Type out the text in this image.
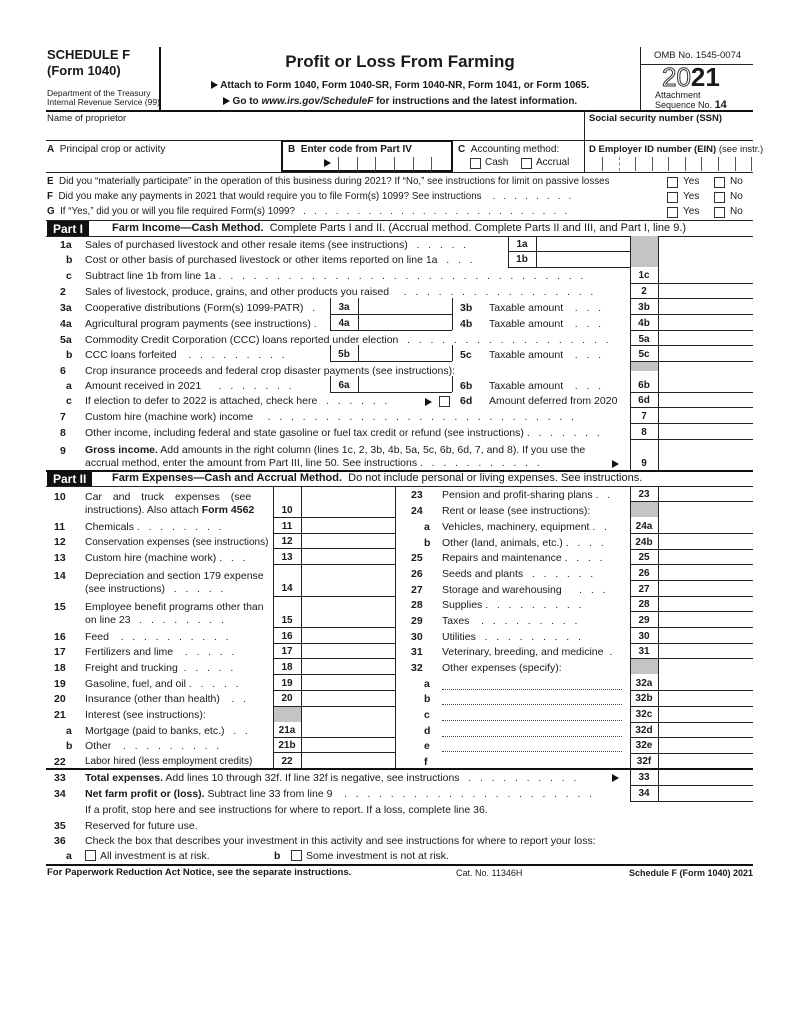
SCHEDULE F
(Form 1040)
Department of the Treasury
Internal Revenue Service (99)
Profit or Loss From Farming
Attach to Form 1040, Form 1040-SR, Form 1040-NR, Form 1041, or Form 1065.
Go to www.irs.gov/ScheduleF for instructions and the latest information.
OMB No. 1545-0074
2021
Attachment
Sequence No. 14
Name of proprietor	Social security number (SSN)
A Principal crop or activity	B Enter code from Part IV	C Accounting method:
Cash	Accrual
D Employer ID number (EIN) (see instr.)
E Did you “materially participate” in the operation of this business during 2021? If “No,” see instructions for limit on passive losses	Yes	No
F Did you make any payments in 2021 that would require you to file Form(s) 1099? See instructions    .   .   .   .   .   .   .   .	Yes	No
G If “Yes,” did you or will you file required Form(s) 1099?   .   .   .   .   .   .   .   .   .   .   .   .   .   .   .   .   .   .   .   .   .   .   .   .   .	Yes	No
Part I	Farm Income—Cash Method. Complete Parts I and II. (Accrual method. Complete Parts II and III, and Part I, line 9.)
1a Sales of purchased livestock and other resale items (see instructions)   .   .   .   .   .	1a
b Cost or other basis of purchased livestock or other items reported on line 1a   .   .   .	1b
c Subtract line 1b from line 1a .   .   .   .   .   .   .   .   .   .   .   .   .   .   .   .   .   .   .   .   .   .   .   .   .   .   .   .   .   .   .   .	1c
2 Sales of livestock, produce, grains, and other products you raised     .   .   .   .   .   .   .   .   .   .   .   .   .   .   .   .   .	2
3a Cooperative distributions (Form(s) 1099-PATR)   .	3a	3b Taxable amount    .   .   .	3b
4a Agricultural program payments (see instructions) .	4a	4b Taxable amount    .   .   .	4b
5a Commodity Credit Corporation (CCC) loans reported under election   .   .   .   .   .   .   .   .   .   .   .   .   .   .   .   .   .   .	5a
b CCC loans forfeited    .   .   .   .   .   .   .   .   .	5b	5c Taxable amount    .   .   .	5c
6 Crop insurance proceeds and federal crop disaster payments (see instructions):
a Amount received in 2021      .   .   .   .   .   .   .	6a	6b Taxable amount    .   .   .	6b
c If election to defer to 2022 is attached, check here   .   .   .   .   .   .	6d Amount deferred from 2020	6d
7 Custom hire (machine work) income     .   .   .   .   .   .   .   .   .   .   .   .   .   .   .   .   .   .   .   .   .   .   .   .   .   .   .	7
8 Other income, including federal and state gasoline or fuel tax credit or refund (see instructions) .   .   .   .   .   .   .	8
9 Gross income. Add amounts in the right column (lines 1c, 2, 3b, 4b, 5a, 5c, 6b, 6d, 7, and 8). If you use the
accrual method, enter the amount from Part III, line 50. See instructions .   .   .   .   .   .   .   .   .   .   .	9
Part II	Farm Expenses—Cash and Accrual Method. Do not include personal or living expenses. See instructions.
10 Car and truck expenses (see
instructions). Also attach Form 4562	10
11 Chemicals .   .   .   .   .   .   .   .	11
12 Conservation expenses (see instructions)	12
13 Custom hire (machine work) .   .   .	13
14 Depreciation and section 179 expense
(see instructions)   .   .   .   .   .	14
15 Employee benefit programs other than
on line 23   .   .   .   .   .   .   .   .	15
16 Feed    .   .   .   .   .   .   .   .   .   .	16
17 Fertilizers and lime    .   .   .   .   .	17
18 Freight and trucking  .   .   .   .   .	18
19 Gasoline, fuel, and oil .   .   .   .   .	19
20 Insurance (other than health)    .   .	20
21 Interest (see instructions):
a Mortgage (paid to banks, etc.)   .   .	21a
b Other    .   .   .   .   .   .   .   .   .	21b
22 Labor hired (less employment credits)	22
23 Pension and profit-sharing plans .   .	23
24 Rent or lease (see instructions):
a Vehicles, machinery, equipment .   .	24a
b Other (land, animals, etc.) .   .   .   .	24b
25 Repairs and maintenance .   .   .   .	25
26 Seeds and plants   .   .   .   .   .   .	26
27 Storage and warehousing      .   .   .	27
28 Supplies .   .   .   .   .   .   .   .   .	28
29 Taxes    .   .   .   .   .   .   .   .   .	29
30 Utilities   .   .   .   .   .   .   .   .   .	30
31 Veterinary, breeding, and medicine  .	31
32 Other expenses (specify):
a	32a
b	32b
c	32c
d	32d
e	32e
f	32f
33 Total expenses. Add lines 10 through 32f. If line 32f is negative, see instructions   .   .   .   .   .   .   .   .   .   .	33
34 Net farm profit or (loss). Subtract line 33 from line 9    .   .   .   .   .   .   .   .   .   .   .   .   .   .   .   .   .   .   .   .   .   .	34
If a profit, stop here and see instructions for where to report. If a loss, complete line 36.
35 Reserved for future use.
36 Check the box that describes your investment in this activity and see instructions for where to report your loss:
a	All investment is at risk.	b Some investment is not at risk.
For Paperwork Reduction Act Notice, see the separate instructions.	Cat. No. 11346H	Schedule F (Form 1040) 2021
